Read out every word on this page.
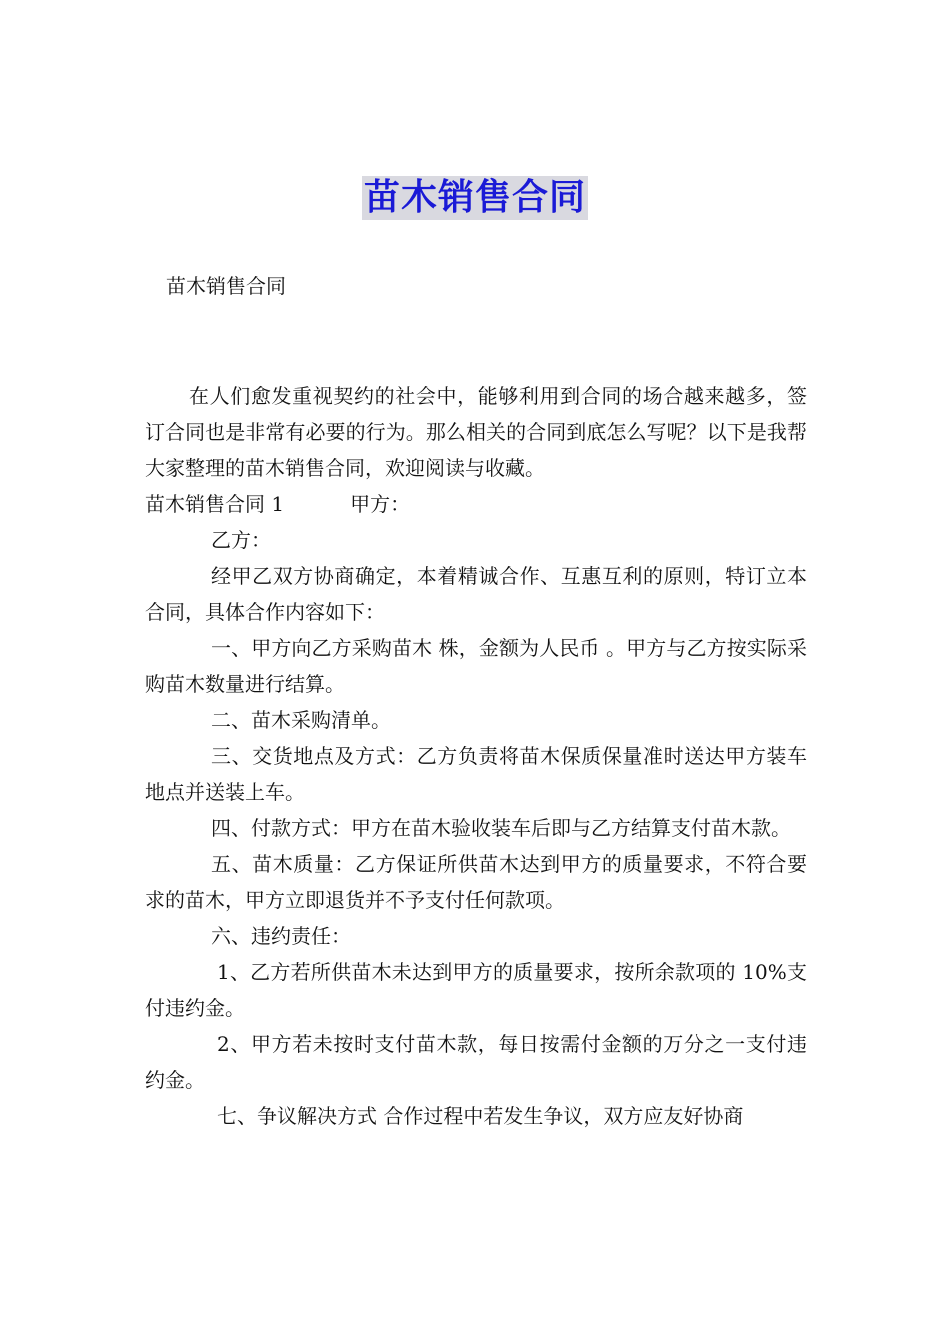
苗木销售合同
苗木销售合同

在人们愈发重视契约的社会中，能够利用到合同的场合越来越多，签订合同也是非常有必要的行为。那么相关的合同到底怎么写呢？以下是我帮大家整理的苗木销售合同，欢迎阅读与收藏。

苗木销售合同 1	甲方：

乙方：

经甲乙双方协商确定，本着精诚合作、互惠互利的原则，特订立本合同，具体合作内容如下：

一、甲方向乙方采购苗木 株，金额为人民币 。甲方与乙方按实际采购苗木数量进行结算。

二、苗木采购清单。

三、交货地点及方式：乙方负责将苗木保质保量准时送达甲方装车地点并送装上车。

四、付款方式：甲方在苗木验收装车后即与乙方结算支付苗木款。

五、苗木质量：乙方保证所供苗木达到甲方的质量要求，不符合要求的苗木，甲方立即退货并不予支付任何款项。

六、违约责任：

1、乙方若所供苗木未达到甲方的质量要求，按所余款项的 10%支付违约金。

2、甲方若未按时支付苗木款，每日按需付金额的万分之一支付违约金。

七、争议解决方式 合作过程中若发生争议，双方应友好协商
